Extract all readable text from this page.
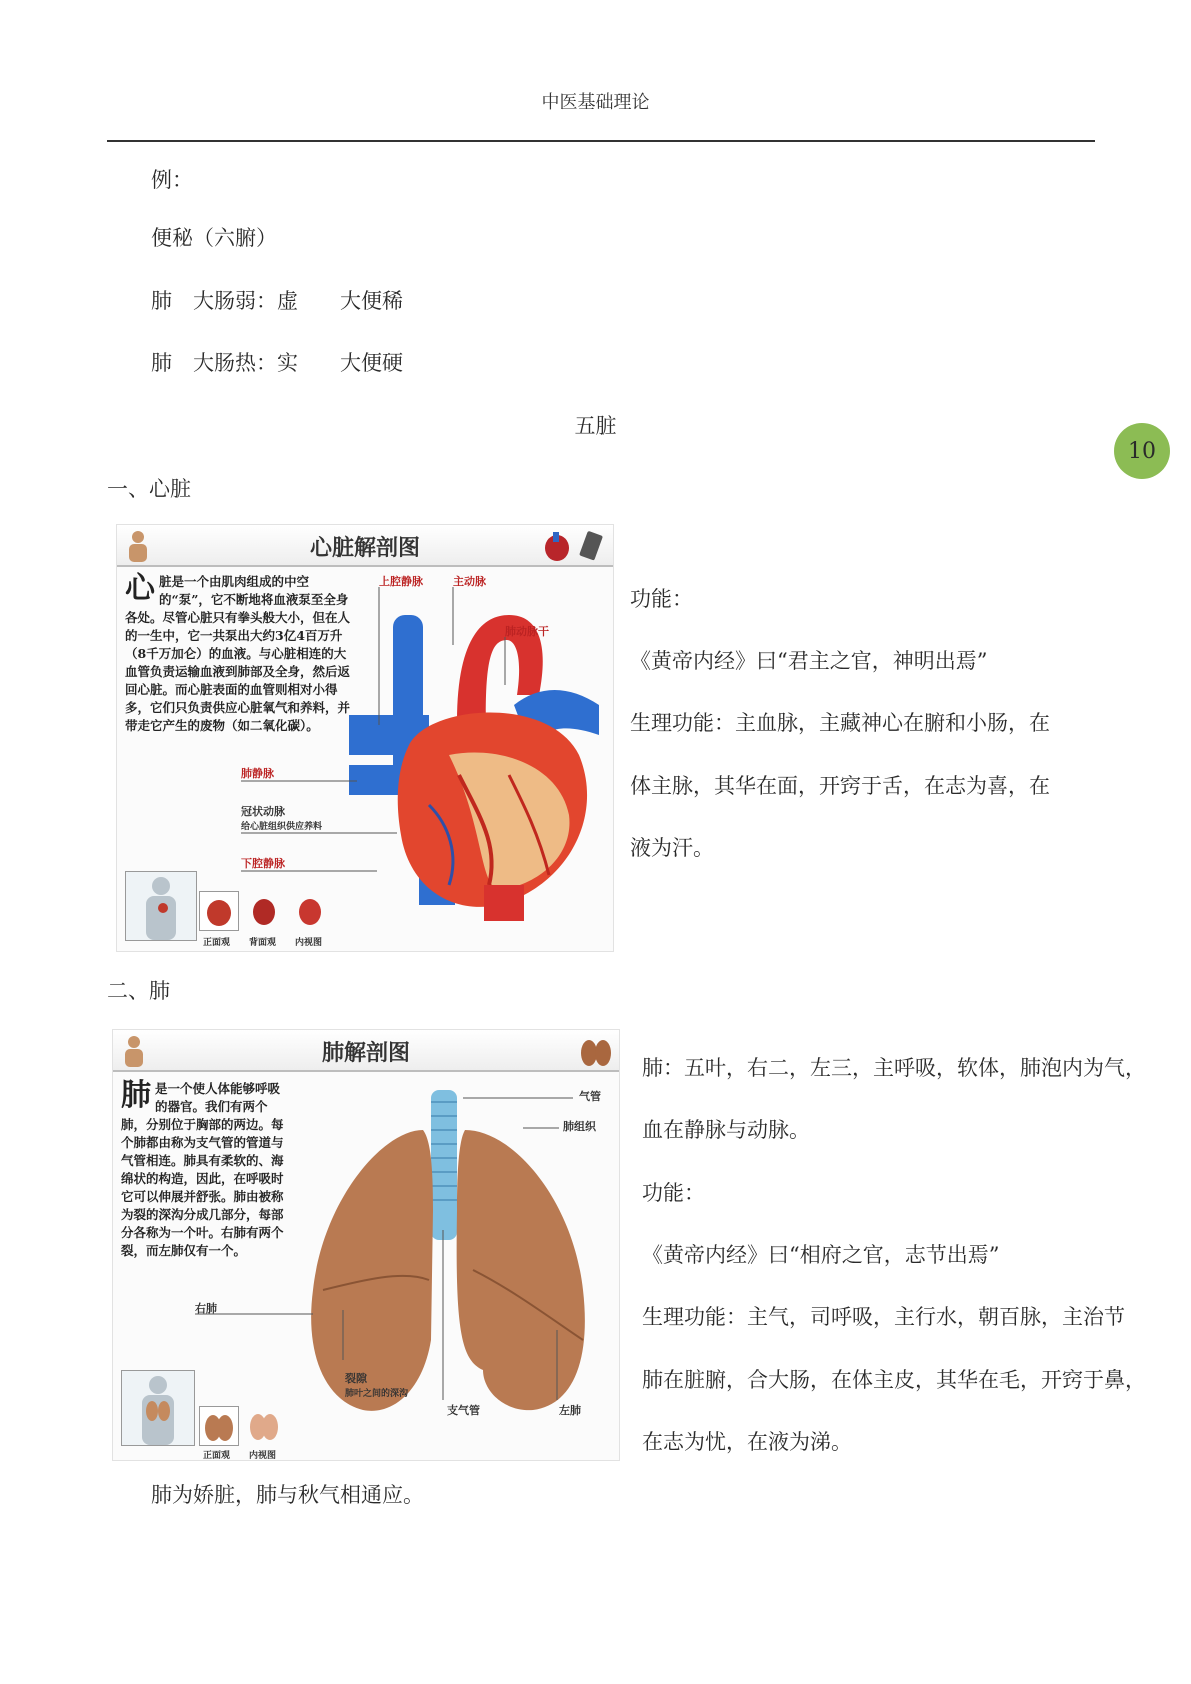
中医基础理论
10
例：
便秘（六腑）
肺　大肠弱：虚　　大便稀
肺　大肠热：实　　大便硬
五脏
一、心脏
心脏解剖图
心脏是一个由肌肉组成的中空的“泵”，它不断地将血液泵至全身各处。尽管心脏只有拳头般大小，但在人的一生中，它一共泵出大约3亿4百万升（8千万加仑）的血液。与心脏相连的大血管负责运输血液到肺部及全身，然后返回心脏。而心脏表面的血管则相对小得多，它们只负责供应心脏氧气和养料，并带走它产生的废物（如二氧化碳）。
上腔静脉	主动脉
肺动脉干
肺静脉
冠状动脉
给心脏组织供应养料
下腔静脉
正面观 背面观 内视图
功能：
《黄帝内经》曰“君主之官，神明出焉”
生理功能：主血脉，主藏神心在腑和小肠，在
体主脉，其华在面，开窍于舌，在志为喜，在
液为汗。
二、肺
肺解剖图
肺是一个使人体能够呼吸的器官。我们有两个肺，分别位于胸部的两边。每个肺都由称为支气管的管道与气管相连。肺具有柔软的、海绵状的构造，因此，在呼吸时它可以伸展并舒张。肺由被称为裂的深沟分成几部分，每部分各称为一个叶。右肺有两个裂，而左肺仅有一个。
气管
肺组织
右肺
裂隙
肺叶之间的深沟
支气管	左肺
正面观 内视图
肺：五叶，右二，左三，主呼吸，软体，肺泡内为气，
血在静脉与动脉。
功能：
《黄帝内经》曰“相府之官，志节出焉”
生理功能：主气，司呼吸，主行水，朝百脉，主治节
肺在脏腑，合大肠，在体主皮，其华在毛，开窍于鼻，
在志为忧，在液为涕。
肺为娇脏，肺与秋气相通应。
